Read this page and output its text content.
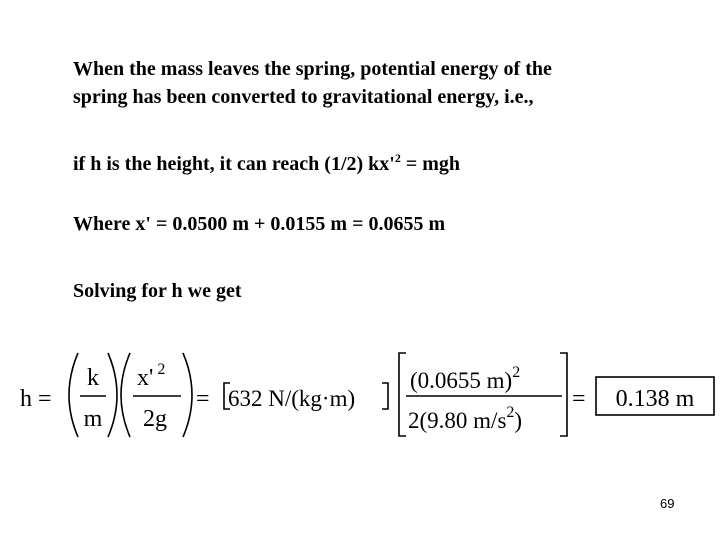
When the mass leaves the spring, potential energy of the
spring has been converted to gravitational energy, i.e.,
if h is the height, it can reach (1/2) $kx'^2$ = mgh
Where x' = 0.0500 m + 0.0155 m = 0.0655 m
Solving for h we get
h =
k
m
x' $^2$
2g
= 632 N/(kg·m)
(0.0655 m)$^2$
2(9.80 $m/s^2$)
= 0.138 m
69
